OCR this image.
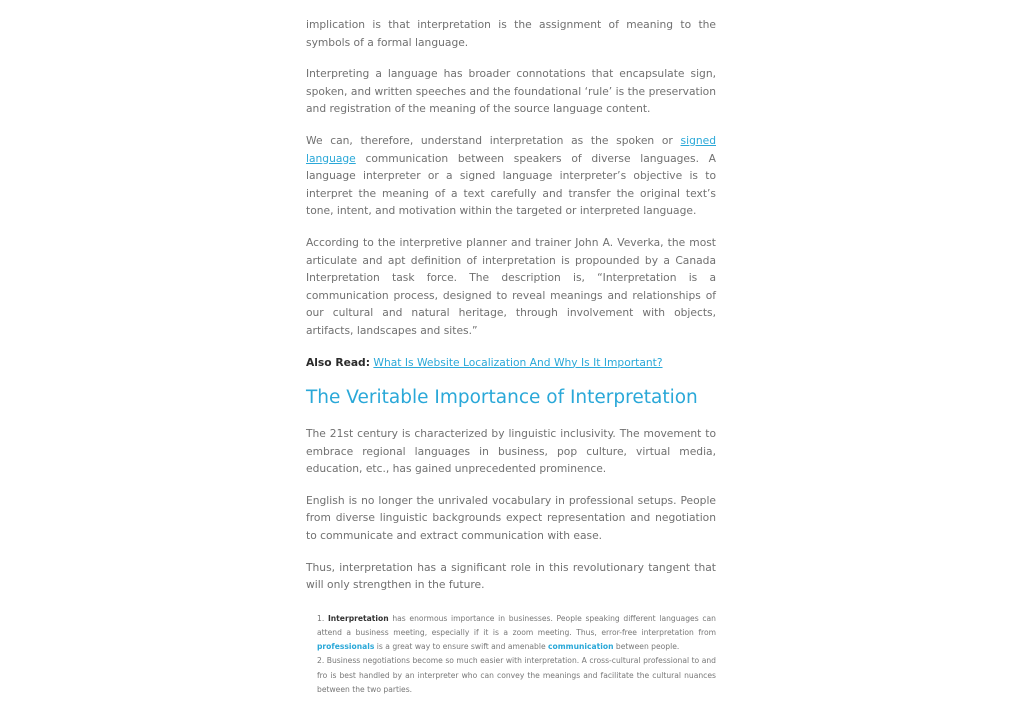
implication is that interpretation is the assignment of meaning to the symbols of a formal language.

Interpreting a language has broader connotations that encapsulate sign, spoken, and written speeches and the foundational ‘rule’ is the preservation and registration of the meaning of the source language content.

We can, therefore, understand interpretation as the spoken or signed language communication between speakers of diverse languages. A language interpreter or a signed language interpreter’s objective is to interpret the meaning of a text carefully and transfer the original text’s tone, intent, and motivation within the targeted or interpreted language.

According to the interpretive planner and trainer John A. Veverka, the most articulate and apt definition of interpretation is propounded by a Canada Interpretation task force. The description is, “Interpretation is a communication process, designed to reveal meanings and relationships of our cultural and natural heritage, through involvement with objects, artifacts, landscapes and sites.”

Also Read: What Is Website Localization And Why Is It Important?

The Veritable Importance of Interpretation

The 21st century is characterized by linguistic inclusivity. The movement to embrace regional languages in business, pop culture, virtual media, education, etc., has gained unprecedented prominence.

English is no longer the unrivaled vocabulary in professional setups. People from diverse linguistic backgrounds expect representation and negotiation to communicate and extract communication with ease.

Thus, interpretation has a significant role in this revolutionary tangent that will only strengthen in the future.

1. Interpretation has enormous importance in businesses. People speaking different languages can attend a business meeting, especially if it is a zoom meeting. Thus, error-free interpretation from professionals is a great way to ensure swift and amenable communication between people.
2. Business negotiations become so much easier with interpretation. A cross-cultural professional to and fro is best handled by an interpreter who can convey the meanings and facilitate the cultural nuances between the two parties.
